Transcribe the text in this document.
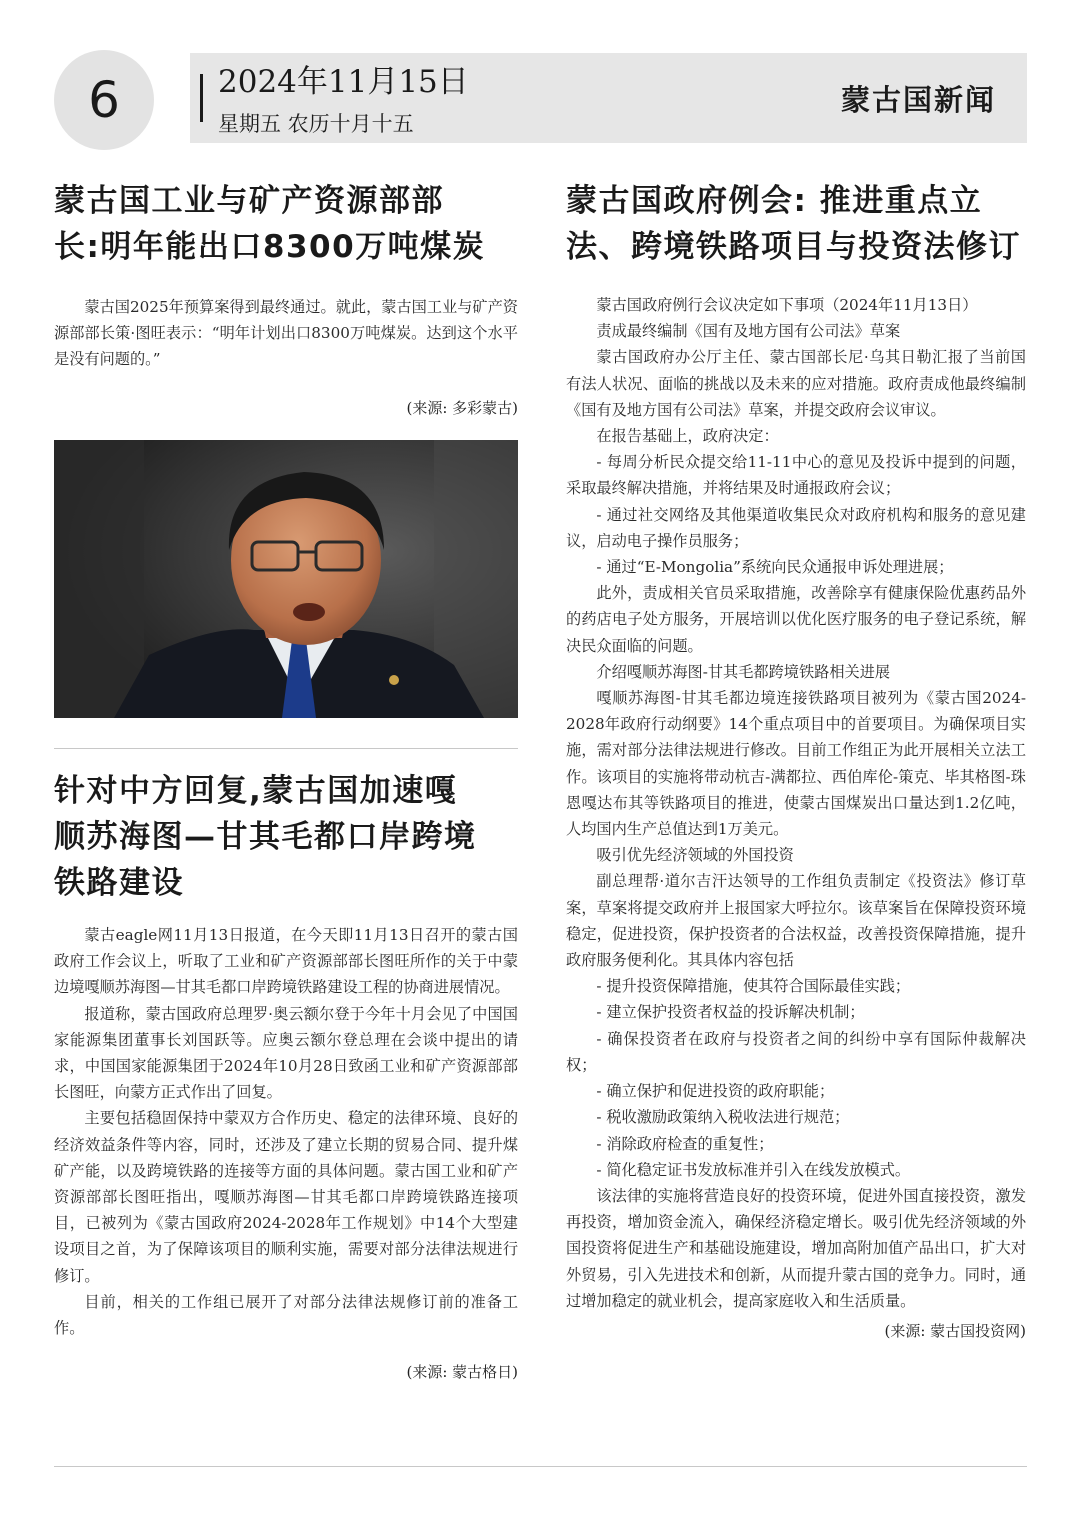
6	2024年11月15日
星期五 农历十月十五
蒙古国新闻
蒙古国工业与矿产资源部部
长:明年能出口8300万吨煤炭

蒙古国2025年预算案得到最终通过。就此，蒙古国工业与矿产资源部部长策·图旺表示：“明年计划出口8300万吨煤炭。达到这个水平是没有问题的。”

(来源: 多彩蒙古)
针对中方回复,蒙古国加速嘎
顺苏海图—甘其毛都口岸跨境
铁路建设

蒙古eagle网11月13日报道，在今天即11月13日召开的蒙古国政府工作会议上，听取了工业和矿产资源部部长图旺所作的关于中蒙边境嘎顺苏海图—甘其毛都口岸跨境铁路建设工程的协商进展情况。

报道称，蒙古国政府总理罗·奥云额尔登于今年十月会见了中国国家能源集团董事长刘国跃等。应奥云额尔登总理在会谈中提出的请求，中国国家能源集团于2024年10月28日致函工业和矿产资源部部长图旺，向蒙方正式作出了回复。

主要包括稳固保持中蒙双方合作历史、稳定的法律环境、良好的经济效益条件等内容，同时，还涉及了建立长期的贸易合同、提升煤矿产能，以及跨境铁路的连接等方面的具体问题。蒙古国工业和矿产资源部部长图旺指出，嘎顺苏海图—甘其毛都口岸跨境铁路连接项目，已被列为《蒙古国政府2024-2028年工作规划》中14个大型建设项目之首，为了保障该项目的顺利实施，需要对部分法律法规进行修订。

目前，相关的工作组已展开了对部分法律法规修订前的准备工作。

(来源: 蒙古格日)
蒙古国政府例会: 推进重点立
法、跨境铁路项目与投资法修订

蒙古国政府例行会议决定如下事项（2024年11月13日）

责成最终编制《国有及地方国有公司法》草案

蒙古国政府办公厅主任、蒙古国部长尼·乌其日勒汇报了当前国有法人状况、面临的挑战以及未来的应对措施。政府责成他最终编制《国有及地方国有公司法》草案，并提交政府会议审议。

在报告基础上，政府决定：

- 每周分析民众提交给11-11中心的意见及投诉中提到的问题，采取最终解决措施，并将结果及时通报政府会议；

- 通过社交网络及其他渠道收集民众对政府机构和服务的意见建议，启动电子操作员服务；

- 通过“E-Mongolia”系统向民众通报申诉处理进展；

此外，责成相关官员采取措施，改善除享有健康保险优惠药品外的药店电子处方服务，开展培训以优化医疗服务的电子登记系统，解决民众面临的问题。

介绍嘎顺苏海图-甘其毛都跨境铁路相关进展

嘎顺苏海图-甘其毛都边境连接铁路项目被列为《蒙古国2024-2028年政府行动纲要》14个重点项目中的首要项目。为确保项目实施，需对部分法律法规进行修改。目前工作组正为此开展相关立法工作。该项目的实施将带动杭吉-满都拉、西伯库伦-策克、毕其格图-珠恩嘎达布其等铁路项目的推进，使蒙古国煤炭出口量达到1.2亿吨，人均国内生产总值达到1万美元。

吸引优先经济领域的外国投资

副总理帮·道尔吉汗达领导的工作组负责制定《投资法》修订草案，草案将提交政府并上报国家大呼拉尔。该草案旨在保障投资环境稳定，促进投资，保护投资者的合法权益，改善投资保障措施，提升政府服务便利化。其具体内容包括

- 提升投资保障措施，使其符合国际最佳实践；

- 建立保护投资者权益的投诉解决机制；

- 确保投资者在政府与投资者之间的纠纷中享有国际仲裁解决权；

- 确立保护和促进投资的政府职能；

- 税收激励政策纳入税收法进行规范；

- 消除政府检查的重复性；

- 简化稳定证书发放标准并引入在线发放模式。

该法律的实施将营造良好的投资环境，促进外国直接投资，激发再投资，增加资金流入，确保经济稳定增长。吸引优先经济领域的外国投资将促进生产和基础设施建设，增加高附加值产品出口，扩大对外贸易，引入先进技术和创新，从而提升蒙古国的竞争力。同时，通过增加稳定的就业机会，提高家庭收入和生活质量。

(来源: 蒙古国投资网)
